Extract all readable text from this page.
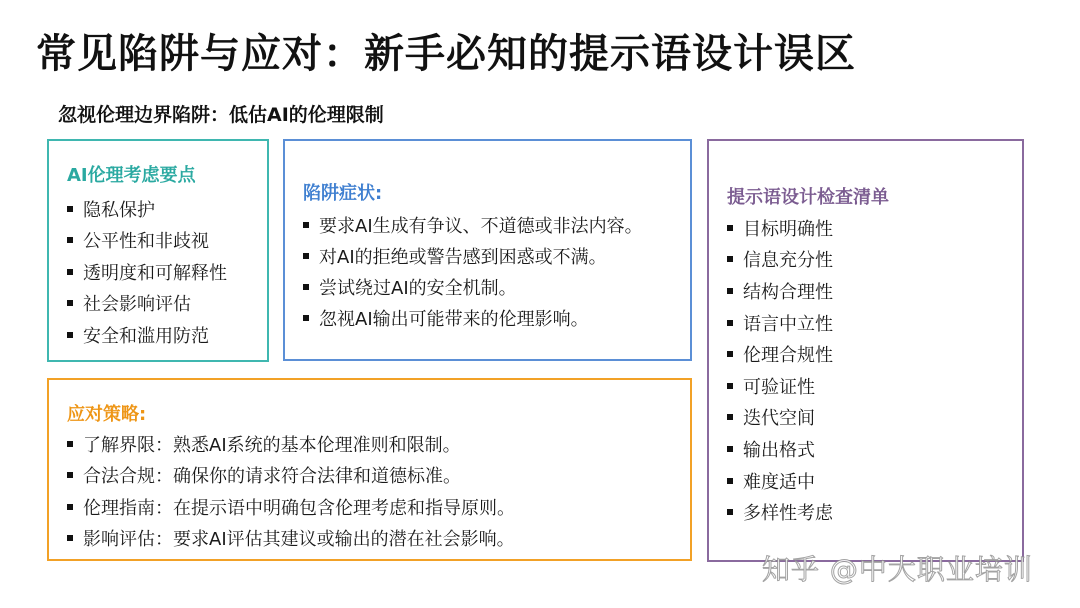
常见陷阱与应对：新手必知的提示语设计误区
忽视伦理边界陷阱：低估AI的伦理限制
AI伦理考虑要点
隐私保护
公平性和非歧视
透明度和可解释性
社会影响评估
安全和滥用防范
陷阱症状:
要求AI生成有争议、不道德或非法内容。
对AI的拒绝或警告感到困惑或不满。
尝试绕过AI的安全机制。
忽视AI输出可能带来的伦理影响。
应对策略:
了解界限：熟悉AI系统的基本伦理准则和限制。
合法合规：确保你的请求符合法律和道德标准。
伦理指南：在提示语中明确包含伦理考虑和指导原则。
影响评估：要求AI评估其建议或输出的潜在社会影响。
提示语设计检查清单
目标明确性
信息充分性
结构合理性
语言中立性
伦理合规性
可验证性
迭代空间
输出格式
难度适中
多样性考虑
知乎 @中大职业培训
